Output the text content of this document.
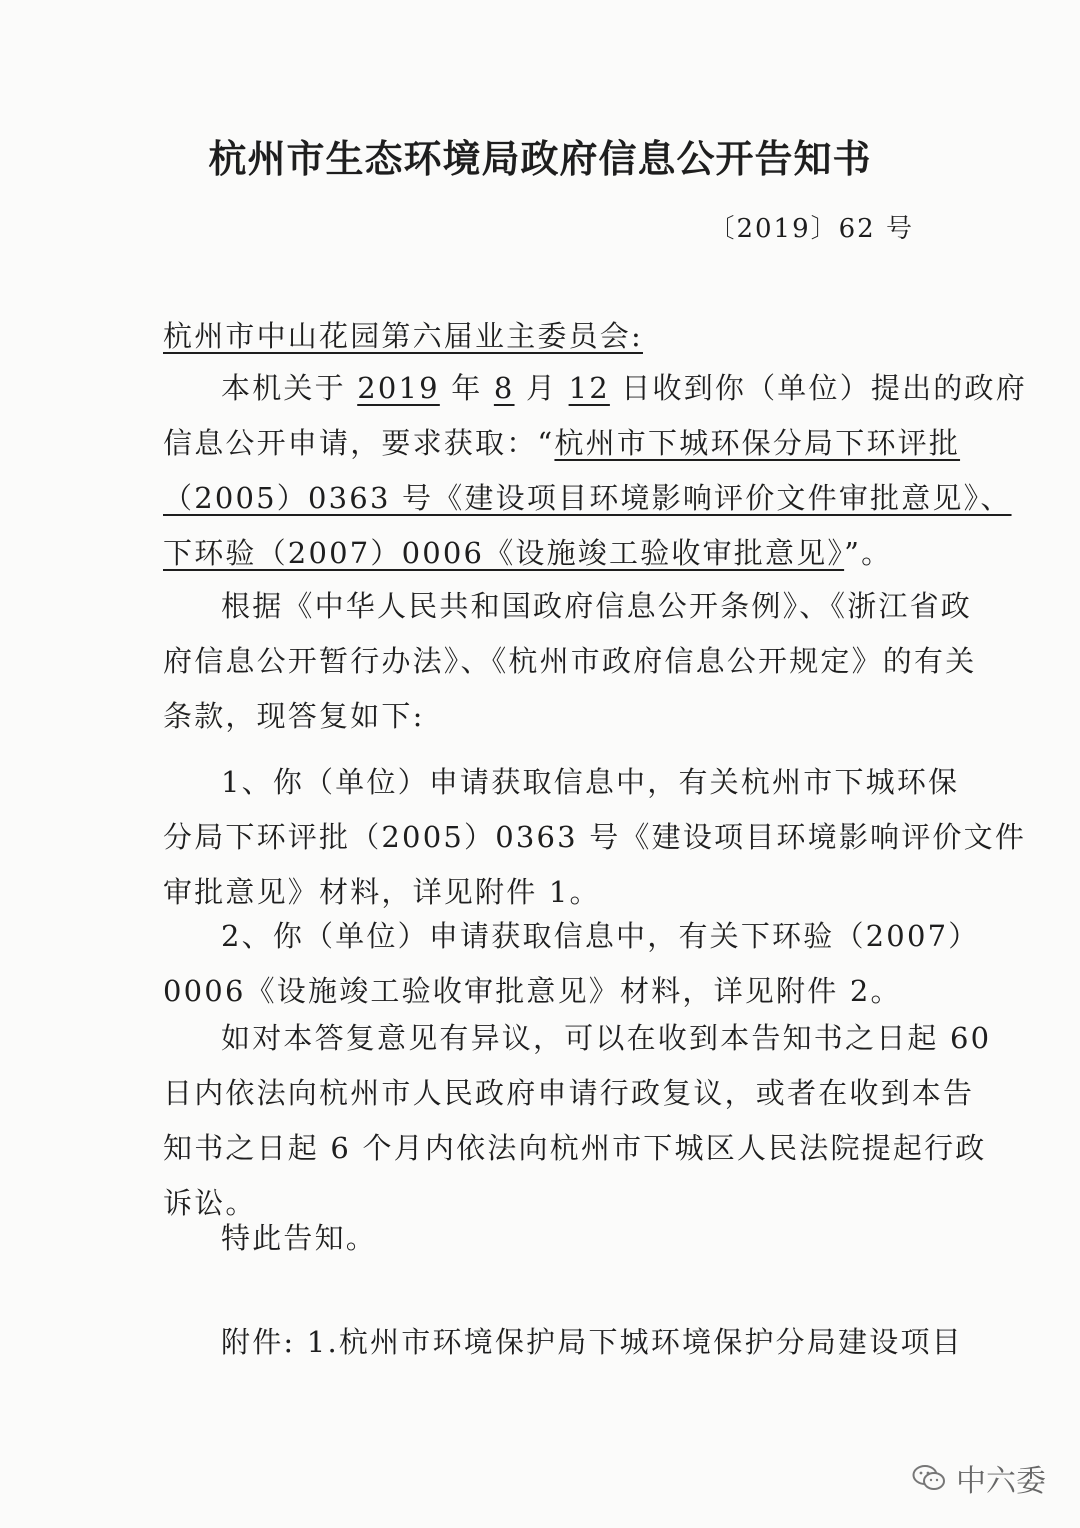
杭州市生态环境局政府信息公开告知书
〔2019〕62 号
杭州市中山花园第六届业主委员会:
本机关于 2019 年 8 月 12 日收到你（单位）提出的政府
信息公开申请，要求获取：“杭州市下城环保分局下环评批
（2005）0363 号《建设项目环境影响评价文件审批意见》、
下环验（2007）0006《设施竣工验收审批意见》”。
根据《中华人民共和国政府信息公开条例》、《浙江省政
府信息公开暂行办法》、《杭州市政府信息公开规定》的有关
条款，现答复如下:
1、你（单位）申请获取信息中，有关杭州市下城环保
分局下环评批（2005）0363 号《建设项目环境影响评价文件
审批意见》材料，详见附件 1。
2、你（单位）申请获取信息中，有关下环验（2007）
0006《设施竣工验收审批意见》材料，详见附件 2。
如对本答复意见有异议，可以在收到本告知书之日起 60
日内依法向杭州市人民政府申请行政复议，或者在收到本告
知书之日起 6 个月内依法向杭州市下城区人民法院提起行政
诉讼。
特此告知。
附件: 1.杭州市环境保护局下城环境保护分局建设项目
中六委
